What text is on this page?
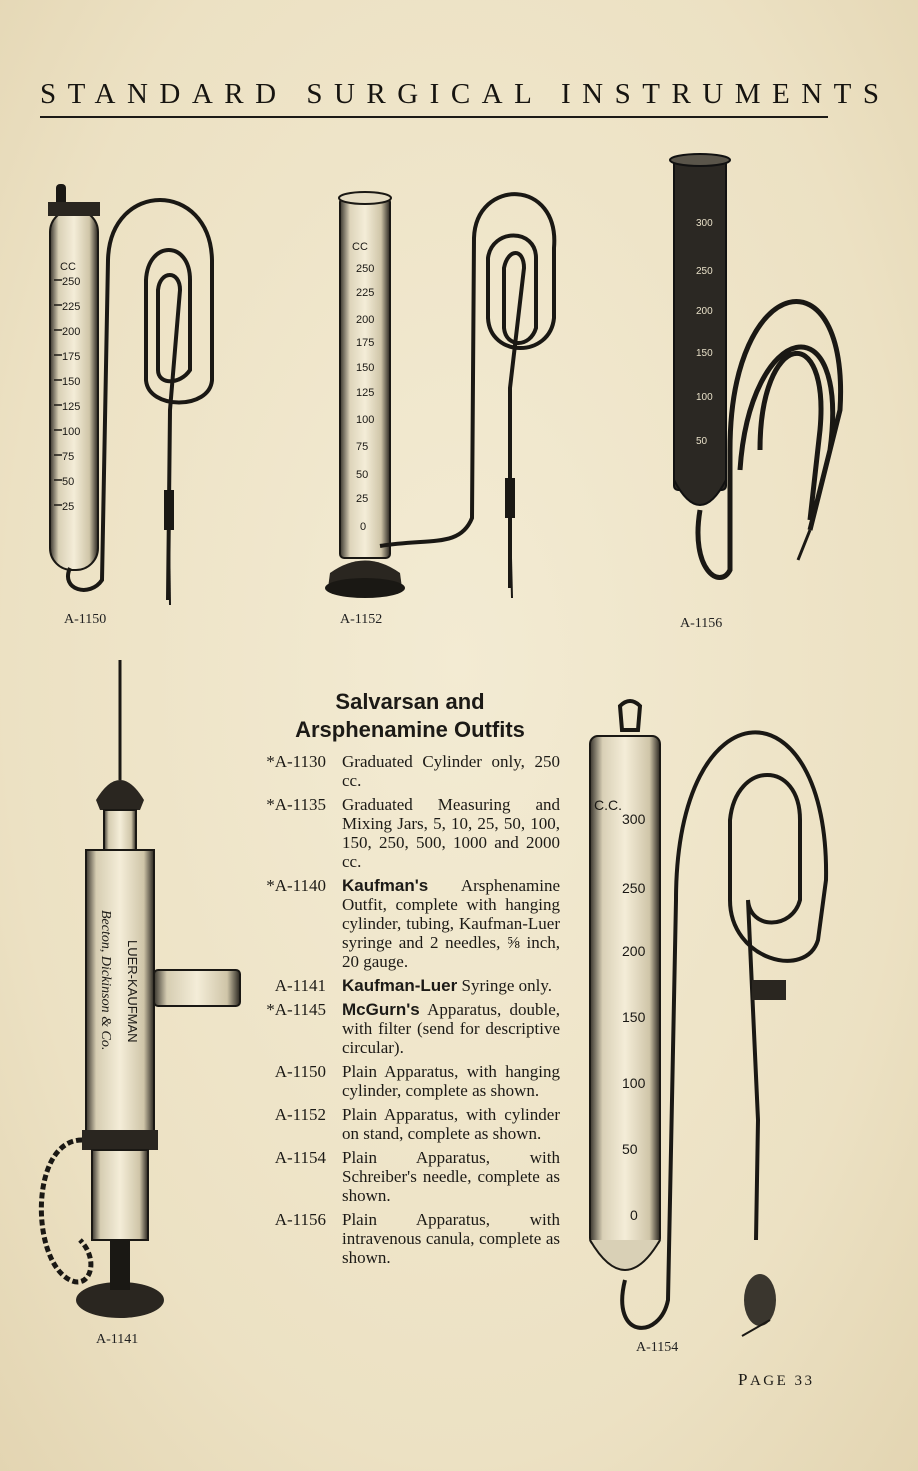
STANDARD SURGICAL INSTRUMENTS
CC
250
225
200
175
150
125
100
75
50
25
A-1150
CC
250
225
200
175
150
125
100
75
50
25
0
A-1152
300
250
200
150
100
50
A-1156
LUER-KAUFMAN
Becton, Dickinson & Co.
A-1141
C.C.
300
250
200
150
100
50
0
A-1154
Salvarsan and
Arsphenamine Outfits
*A-1130 Graduated Cylinder only, 250 cc.
*A-1135 Graduated Measuring and Mixing Jars, 5, 10, 25, 50, 100, 150, 250, 500, 1000 and 2000 cc.
*A-1140 Kaufman's Arsphenamine Outfit, complete with hanging cylinder, tubing, Kaufman-Luer syringe and 2 needles, ⅝ inch, 20 gauge.
A-1141 Kaufman-Luer Syringe only.
*A-1145 McGurn's Apparatus, double, with filter (send for descriptive circular).
A-1150 Plain Apparatus, with hanging cylinder, complete as shown.
A-1152 Plain Apparatus, with cylinder on stand, complete as shown.
A-1154 Plain Apparatus, with Schreiber's needle, complete as shown.
A-1156 Plain Apparatus, with intravenous canula, complete as shown.
PAGE 33
